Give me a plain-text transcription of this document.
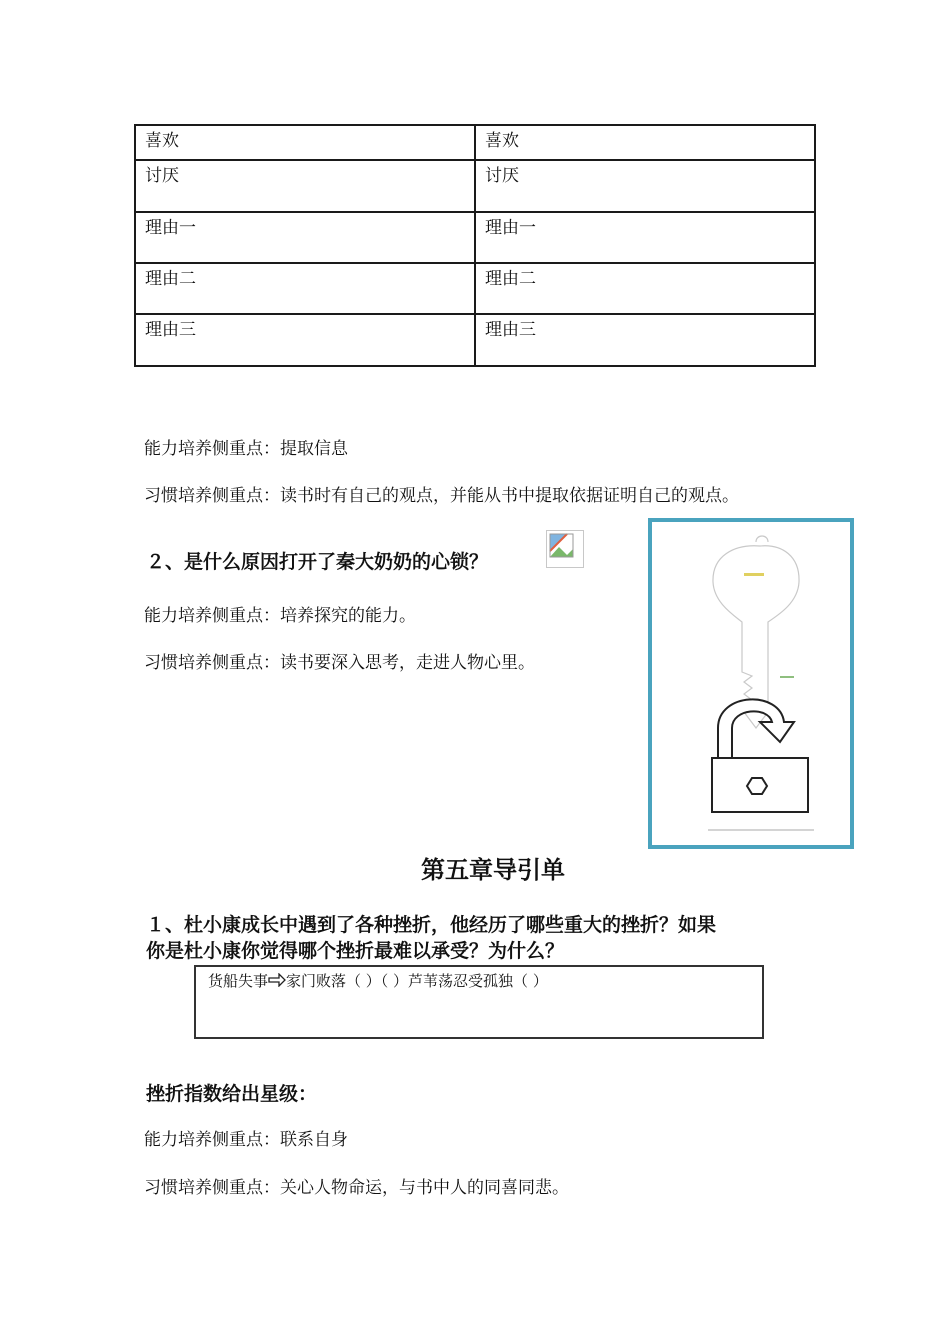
喜欢	喜欢
讨厌	讨厌
理由一	理由一
理由二	理由二
理由三	理由三
能力培养侧重点：提取信息
习惯培养侧重点：读书时有自己的观点，并能从书中提取依据证明自己的观点。
２、是什么原因打开了秦大奶奶的心锁？
能力培养侧重点：培养探究的能力。
习惯培养侧重点：读书要深入思考，走进人物心里。
第五章导引单
１、杜小康成长中遇到了各种挫折，他经历了哪些重大的挫折？如果
你是杜小康你觉得哪个挫折最难以承受？为什么？
货船失事 家门败落（ ）（ ）芦苇荡忍受孤独（ ）
挫折指数给出星级：
能力培养侧重点：联系自身
习惯培养侧重点：关心人物命运，与书中人的同喜同悲。
